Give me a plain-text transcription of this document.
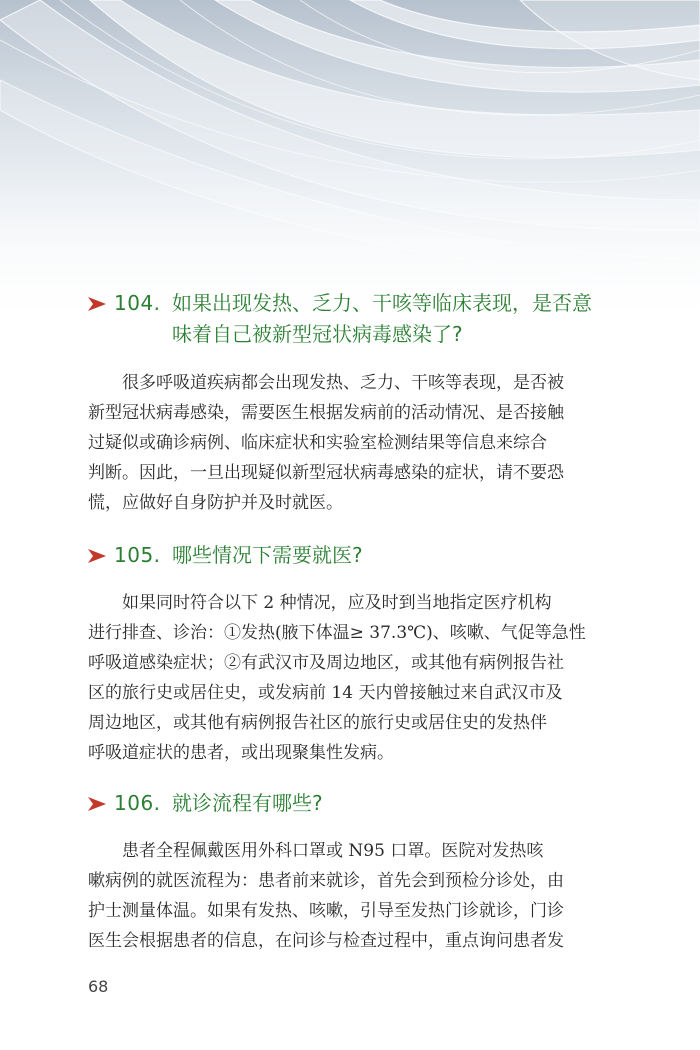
104. 如果出现发热、乏力、干咳等临床表现，是否意
味着自己被新型冠状病毒感染了?
很多呼吸道疾病都会出现发热、乏力、干咳等表现，是否被
新型冠状病毒感染，需要医生根据发病前的活动情况、是否接触
过疑似或确诊病例、临床症状和实验室检测结果等信息来综合
判断。因此，一旦出现疑似新型冠状病毒感染的症状，请不要恐
慌，应做好自身防护并及时就医。
105. 哪些情况下需要就医?
如果同时符合以下 2 种情况，应及时到当地指定医疗机构
进行排查、诊治：①发热(腋下体温≥ 37.3℃)、咳嗽、气促等急性
呼吸道感染症状；②有武汉市及周边地区，或其他有病例报告社
区的旅行史或居住史，或发病前 14 天内曾接触过来自武汉市及
周边地区，或其他有病例报告社区的旅行史或居住史的发热伴
呼吸道症状的患者，或出现聚集性发病。
106. 就诊流程有哪些?
患者全程佩戴医用外科口罩或 N95 口罩。医院对发热咳
嗽病例的就医流程为：患者前来就诊，首先会到预检分诊处，由
护士测量体温。如果有发热、咳嗽，引导至发热门诊就诊，门诊
医生会根据患者的信息，在问诊与检查过程中，重点询问患者发
68
